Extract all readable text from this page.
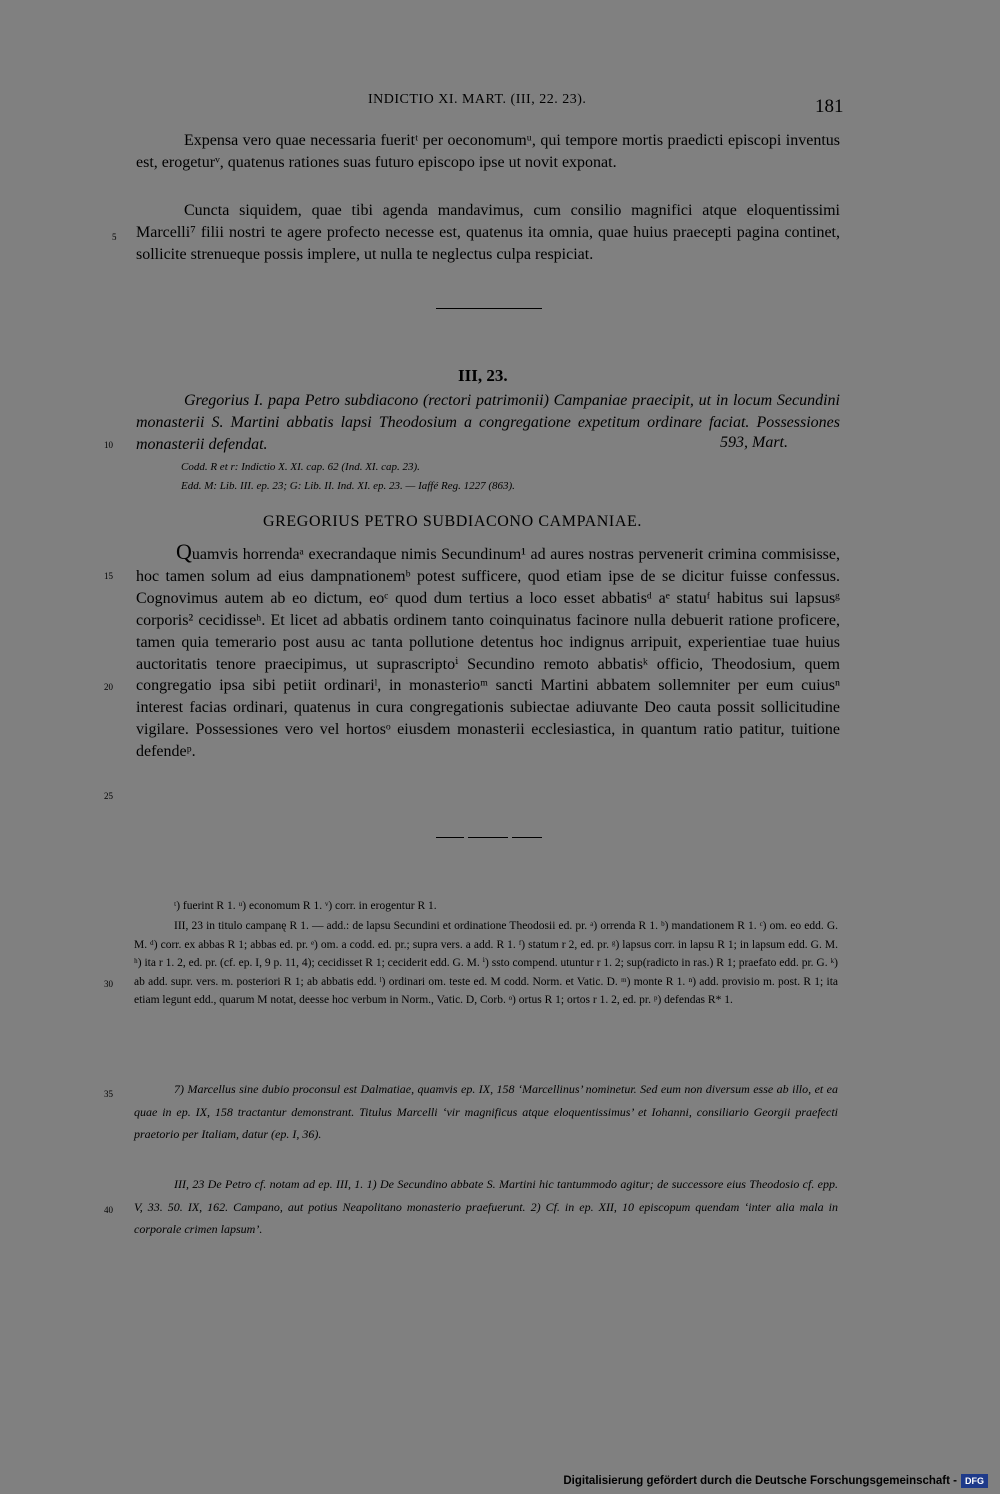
INDICTIO XI. MART. (III, 22. 23).	181
Expensa vero quae necessaria fueritᵗ per oeconomumᵘ, qui tempore mortis praedicti episcopi inventus est, erogeturᵛ, quatenus rationes suas futuro episcopo ipse ut novit exponat.
Cuncta siquidem, quae tibi agenda mandavimus, cum consilio magnifici atque eloquentissimi Marcelli⁷ filii nostri te agere profecto necesse est, quatenus ita omnia, quae huius praecepti pagina continet, sollicite strenueque possis implere, ut nulla te neglectus culpa respiciat.
5
10
15
20
25
30
35
40
III, 23.
Gregorius I. papa Petro subdiacono (rectori patrimonii) Campaniae praecipit, ut in locum Secundini monasterii S. Martini abbatis lapsi Theodosium a congregatione expetitum ordinare faciat. Possessiones monasterii defendat.	593, Mart.
Codd. R et r: Indictio X. XI. cap. 62 (Ind. XI. cap. 23).
Edd. M: Lib. III. ep. 23; G: Lib. II. Ind. XI. ep. 23. — Iaffé Reg. 1227 (863).
GREGORIUS PETRO SUBDIACONO CAMPANIAE.
Quamvis horrendaᵃ execrandaque nimis Secundinum¹ ad aures nostras pervenerit crimina commisisse, hoc tamen solum ad eius dampnationemᵇ potest sufficere, quod etiam ipse de se dicitur fuisse confessus. Cognovimus autem ab eo dictum, eoᶜ quod dum tertius a loco esset abbatisᵈ aᵉ statuᶠ habitus sui lapsusᵍ corporis² cecidisseʰ. Et licet ad abbatis ordinem tanto coinquinatus facinore nulla debuerit ratione proficere, tamen quia temerario post ausu ac tanta pollutione detentus hoc indignus arripuit, experientiae tuae huius auctoritatis tenore praecipimus, ut suprascriptoⁱ Secundino remoto abbatisᵏ officio, Theodosium, quem congregatio ipsa sibi petiit ordinariˡ, in monasterioᵐ sancti Martini abbatem sollemniter per eum cuiusⁿ interest facias ordinari, quatenus in cura congregationis subiectae adiuvante Deo cauta possit sollicitudine vigilare. Possessiones vero vel hortosᵒ eiusdem monasterii ecclesiastica, in quantum ratio patitur, tuitione defendeᵖ.
ᵗ) fuerint R 1. ᵘ) economum R 1. ᵛ) corr. in erogentur R 1.
III, 23 in titulo campanę R 1. — add.: de lapsu Secundini et ordinatione Theodosii ed. pr. ᵃ) orrenda R 1. ᵇ) mandationem R 1. ᶜ) om. eo edd. G. M. ᵈ) corr. ex abbas R 1; abbas ed. pr. ᵉ) om. a codd. ed. pr.; supra vers. a add. R 1. ᶠ) statum r 2, ed. pr. ᵍ) lapsus corr. in lapsu R 1; in lapsum edd. G. M. ʰ) ita r 1. 2, ed. pr. (cf. ep. I, 9 p. 11, 4); cecidisset R 1; ceciderit edd. G. M. ⁱ) ssto compend. utuntur r 1. 2; sup(radicto in ras.) R 1; praefato edd. pr. G. ᵏ) ab add. supr. vers. m. posteriori R 1; ab abbatis edd. ˡ) ordinari om. teste ed. M codd. Norm. et Vatic. D. ᵐ) monte R 1. ⁿ) add. provisio m. post. R 1; ita etiam legunt edd., quarum M notat, deesse hoc verbum in Norm., Vatic. D, Corb. ᵒ) ortus R 1; ortos r 1. 2, ed. pr. ᵖ) defendas R* 1.
7) Marcellus sine dubio proconsul est Dalmatiae, quamvis ep. IX, 158 ‘Marcellinus’ nominetur. Sed eum non diversum esse ab illo, et ea quae in ep. IX, 158 tractantur demonstrant. Titulus Marcelli ‘vir magnificus atque eloquentissimus’ et Iohanni, consiliario Georgii praefecti praetorio per Italiam, datur (ep. I, 36).
III, 23 De Petro cf. notam ad ep. III, 1. 1) De Secundino abbate S. Martini hic tantummodo agitur; de successore eius Theodosio cf. epp. V, 33. 50. IX, 162. Campano, aut potius Neapolitano monasterio praefuerunt. 2) Cf. in ep. XII, 10 episcopum quendam ‘inter alia mala in corporale crimen lapsum’.
Digitalisierung gefördert durch die Deutsche Forschungsgemeinschaft - DFG
